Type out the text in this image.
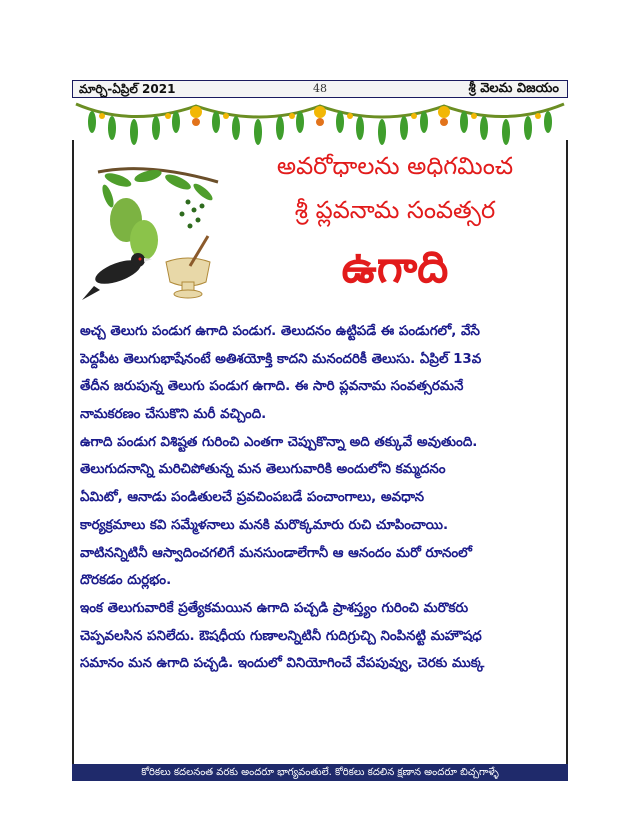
మార్చి-ఏప్రిల్ 2021	48	శ్రీ వెలమ విజయం
అవరోధాలను అధిగమించ
శ్రీ ప్లవనామ సంవత్సర
ఉగాది
అచ్చ తెలుగు పండుగ ఉగాది పండుగ. తెలుదనం ఉట్టిపడే ఈ పండుగలో, వేసే
పెద్దపీట తెలుగుభాషేనంటే అతిశయోక్తి కాదని మనందరికీ తెలుసు. ఏప్రిల్ 13వ
తేదీన జరుపున్న తెలుగు పండుగ ఉగాది. ఈ సారి ప్లవనామ సంవత్సరమనే
నామకరణం చేసుకొని మరీ వచ్చింది.
ఉగాది పండుగ విశిష్టత గురించి ఎంతగా చెప్పుకొన్నా అది తక్కువే అవుతుంది.
తెలుగుదనాన్ని మరిచిపోతున్న మన తెలుగువారికి అందులోని కమ్మదనం
ఏమిటో, ఆనాడు పండితులచే ప్రవచింపబడే పంచాంగాలు, అవధాన
కార్యక్రమాలు కవి సమ్మేళనాలు మనకి మరొక్కమారు రుచి చూపించాయి.
వాటినన్నిటినీ ఆస్వాదించగలిగే మనసుండాలేగానీ ఆ ఆనందం మరో రూనంలో
దొరకడం దుర్లభం.
ఇంక తెలుగువారికే ప్రత్యేకమయిన ఉగాది పచ్చడి ప్రాశస్త్యం గురించి మరొకరు
చెప్పవలసిన పనిలేదు. ఔషధీయ గుణాలన్నిటినీ గుదిగ్రుచ్చి నింపినట్టి మహౌషధ
సమానం మన ఉగాది పచ్చడి. ఇందులో వినియోగించే వేపపువ్వు, చెరకు ముక్క
కోరికలు కదలనంత వరకు అందరూ భాగ్యవంతులే. కోరికలు కదలిన క్షణాన అందరూ బిచ్చగాళ్ళే
